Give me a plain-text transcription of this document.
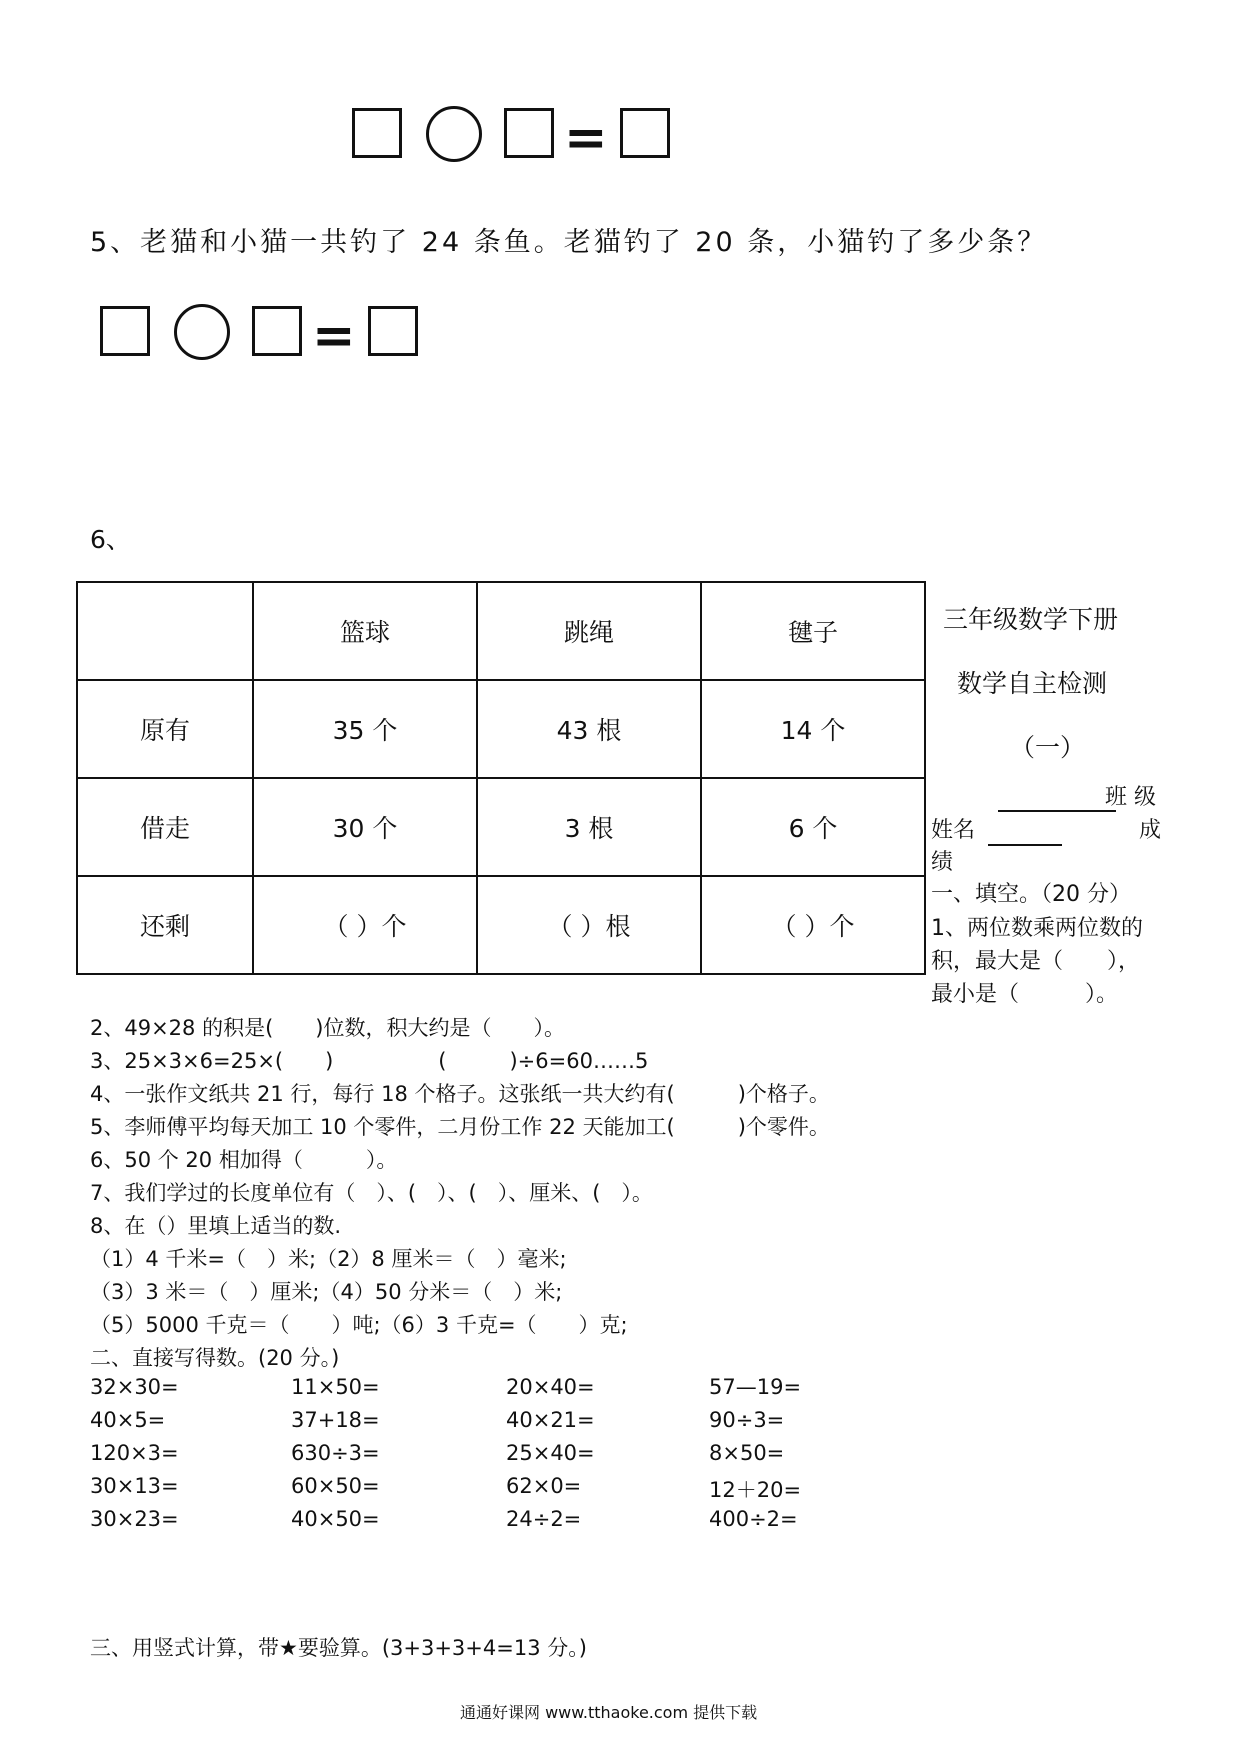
=
5、老猫和小猫一共钓了 24 条鱼。老猫钓了 20 条，小猫钓了多少条？
=
6、
	篮球	跳绳	毽子
原有	35 个	43 根	14 个
借走	30 个	3 根	6 个
还剩	（ ）个	（ ）根	（ ）个
三年级数学下册
数学自主检测
（一）
班 级
姓名	成
绩
一、填空。（20 分）
1、两位数乘两位数的
积，最大是（　　），
最小是（　　　）。
2、49×28 的积是(　　)位数，积大约是（　　）。
3、25×3×6=25×(　　)　　　　　(　　　)÷6=60……5
4、一张作文纸共 21 行，每行 18 个格子。这张纸一共大约有(　　　)个格子。
5、李师傅平均每天加工 10 个零件，二月份工作 22 天能加工(　　　)个零件。
6、50 个 20 相加得（　　　）。
7、我们学过的长度单位有（　）、(　）、(　）、厘米、(　）。
8、在（）里填上适当的数.
（1）4 千米=（　）米;（2）8 厘米＝（　）毫米;
（3）3 米＝（　）厘米;（4）50 分米＝（　）米;
（5）5000 千克＝（　　）吨;（6）3 千克=（　　）克;
二、直接写得数。(20 分。)
32×30=	11×50=	20×40=	57—19=
40×5=	37+18=	40×21=	90÷3=
120×3=	630÷3=	25×40=	8×50=
30×13=	60×50=	62×0=	12＋20=
30×23=	40×50=	24÷2=	400÷2=
三、用竖式计算，带★要验算。(3+3+3+4=13 分。)
通通好课网 www.tthaoke.com 提供下载
